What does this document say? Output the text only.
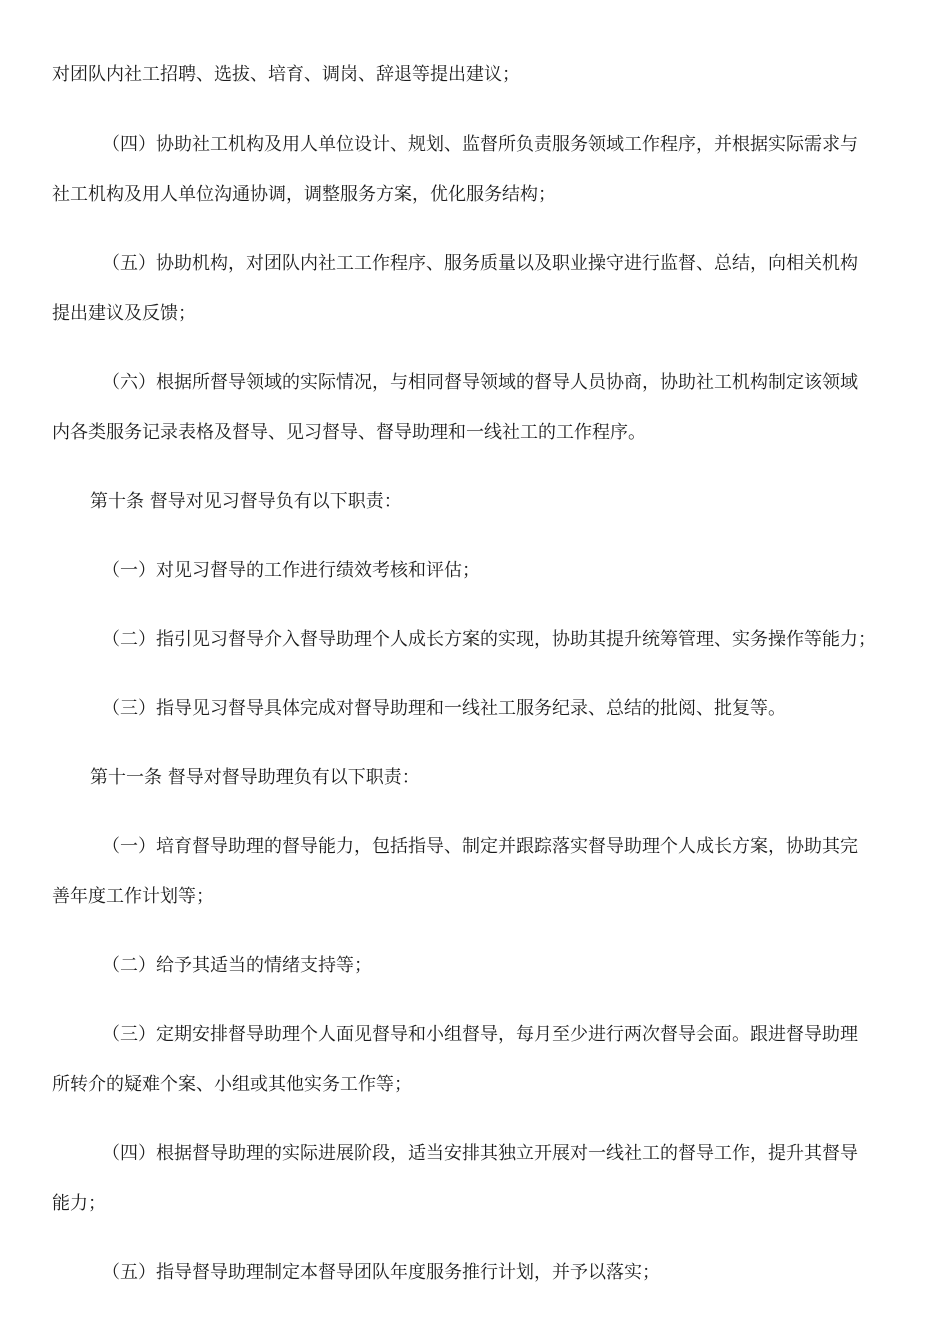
对团队内社工招聘、选拔、培育、调岗、辞退等提出建议；
（四）协助社工机构及用人单位设计、规划、监督所负责服务领域工作程序，并根据实际需求与
社工机构及用人单位沟通协调，调整服务方案，优化服务结构；
（五）协助机构，对团队内社工工作程序、服务质量以及职业操守进行监督、总结，向相关机构
提出建议及反馈；
（六）根据所督导领域的实际情况，与相同督导领域的督导人员协商，协助社工机构制定该领域
内各类服务记录表格及督导、见习督导、督导助理和一线社工的工作程序。
第十条 督导对见习督导负有以下职责：
（一）对见习督导的工作进行绩效考核和评估；
（二）指引见习督导介入督导助理个人成长方案的实现，协助其提升统筹管理、实务操作等能力；
（三）指导见习督导具体完成对督导助理和一线社工服务纪录、总结的批阅、批复等。
第十一条 督导对督导助理负有以下职责：
（一）培育督导助理的督导能力，包括指导、制定并跟踪落实督导助理个人成长方案，协助其完
善年度工作计划等；
（二）给予其适当的情绪支持等；
（三）定期安排督导助理个人面见督导和小组督导，每月至少进行两次督导会面。跟进督导助理
所转介的疑难个案、小组或其他实务工作等；
（四）根据督导助理的实际进展阶段，适当安排其独立开展对一线社工的督导工作，提升其督导
能力；
（五）指导督导助理制定本督导团队年度服务推行计划，并予以落实；
